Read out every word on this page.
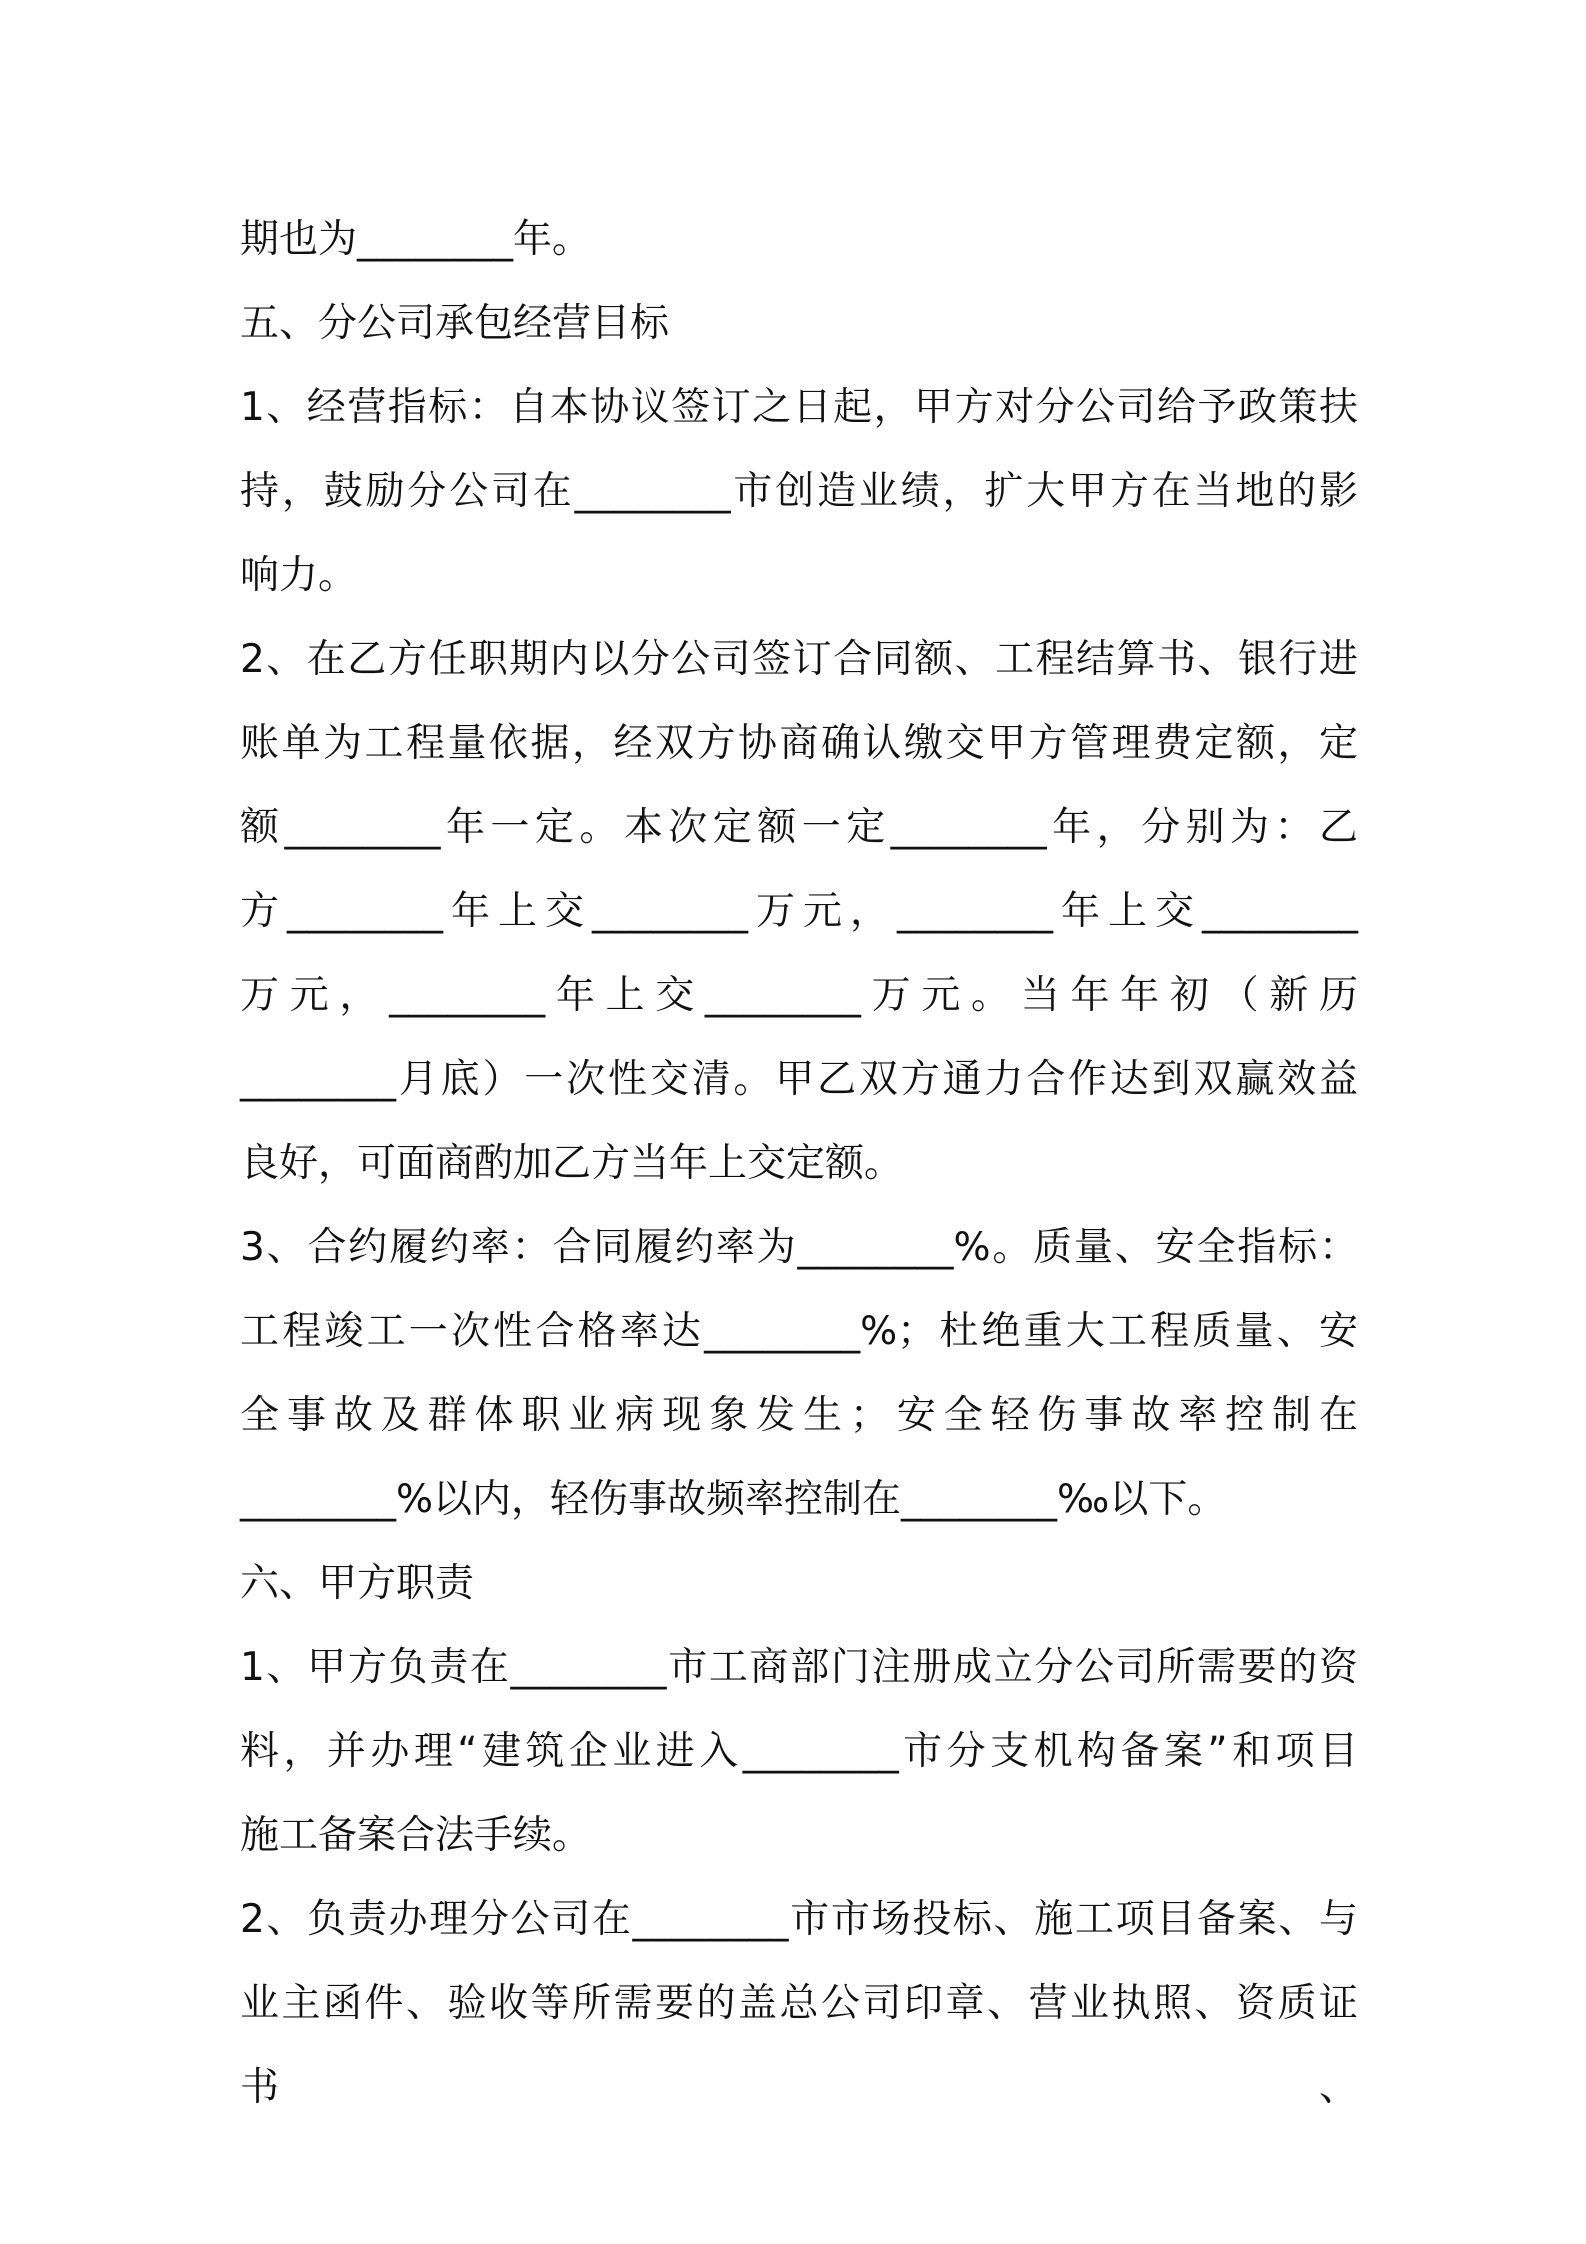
期也为________年。
五、分公司承包经营目标
1、经营指标：自本协议签订之日起，甲方对分公司给予政策扶
持，鼓励分公司在________市创造业绩，扩大甲方在当地的影
响力。
2、在乙方任职期内以分公司签订合同额、工程结算书、银行进
账单为工程量依据，经双方协商确认缴交甲方管理费定额，定
额________年一定。本次定额一定________年，分别为：乙
方________年上交________万元，________年上交________
万元，________年上交________万元。当年年初（新历
________月底）一次性交清。甲乙双方通力合作达到双赢效益
良好，可面商酌加乙方当年上交定额。
3、合约履约率：合同履约率为________%。质量、安全指标：
工程竣工一次性合格率达________%；杜绝重大工程质量、安
全事故及群体职业病现象发生；安全轻伤事故率控制在
________%以内，轻伤事故频率控制在________‰以下。
六、甲方职责
1、甲方负责在________市工商部门注册成立分公司所需要的资
料，并办理“建筑企业进入________市分支机构备案”和项目
施工备案合法手续。
2、负责办理分公司在________市市场投标、施工项目备案、与
业主函件、验收等所需要的盖总公司印章、营业执照、资质证书、
